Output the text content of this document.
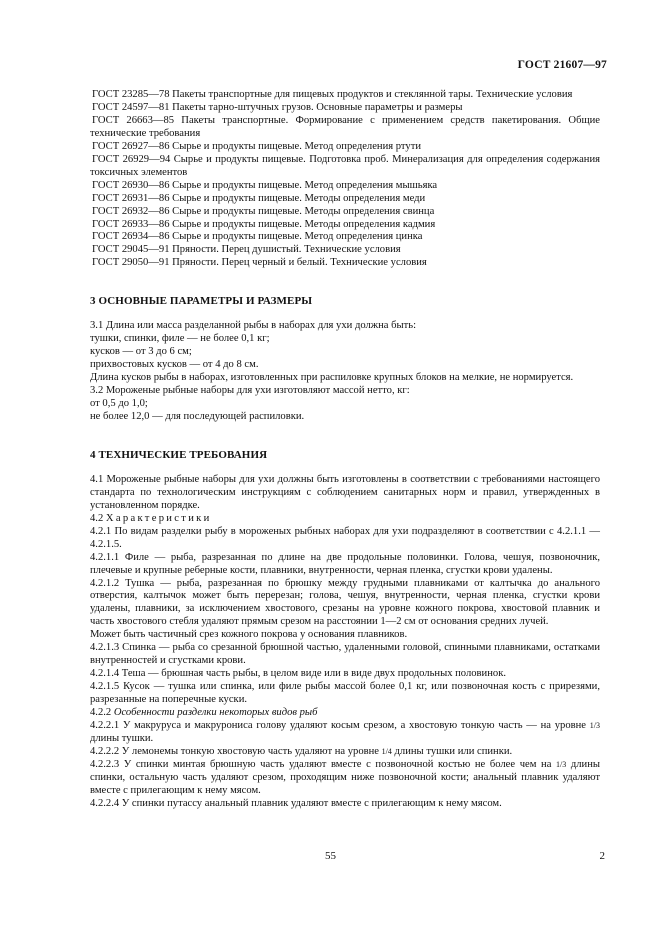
ГОСТ 21607—97

ГОСТ 23285—78 Пакеты транспортные для пищевых продуктов и стеклянной тары. Технические условия

ГОСТ 24597—81 Пакеты тарно-штучных грузов. Основные параметры и размеры

ГОСТ 26663—85 Пакеты транспортные. Формирование с применением средств пакетирования. Общие технические требования

ГОСТ 26927—86 Сырье и продукты пищевые. Метод определения ртути

ГОСТ 26929—94 Сырье и продукты пищевые. Подготовка проб. Минерализация для определения содержания токсичных элементов

ГОСТ 26930—86 Сырье и продукты пищевые. Метод определения мышьяка

ГОСТ 26931—86 Сырье и продукты пищевые. Методы определения меди

ГОСТ 26932—86 Сырье и продукты пищевые. Методы определения свинца

ГОСТ 26933—86 Сырье и продукты пищевые. Методы определения кадмия

ГОСТ 26934—86 Сырье и продукты пищевые. Метод определения цинка

ГОСТ 29045—91 Пряности. Перец душистый. Технические условия

ГОСТ 29050—91 Пряности. Перец черный и белый. Технические условия

3 ОСНОВНЫЕ ПАРАМЕТРЫ И РАЗМЕРЫ

3.1 Длина или масса разделанной рыбы в наборах для ухи должна быть:

тушки, спинки, филе — не более 0,1 кг;

кусков — от 3 до 6 см;

прихвостовых кусков — от 4 до 8 см.

Длина кусков рыбы в наборах, изготовленных при распиловке крупных блоков на мелкие, не нормируется.

3.2 Мороженые рыбные наборы для ухи изготовляют массой нетто, кг:

от 0,5 до 1,0;

не более 12,0 — для последующей распиловки.

4 ТЕХНИЧЕСКИЕ ТРЕБОВАНИЯ

4.1 Мороженые рыбные наборы для ухи должны быть изготовлены в соответствии с требованиями настоящего стандарта по технологическим инструкциям с соблюдением санитарных норм и правил, утвержденных в установленном порядке.

4.2 Характеристики

4.2.1 По видам разделки рыбу в мороженых рыбных наборах для ухи подразделяют в соответствии с 4.2.1.1 — 4.2.1.5.

4.2.1.1 Филе — рыба, разрезанная по длине на две продольные половинки. Голова, чешуя, позвоночник, плечевые и крупные реберные кости, плавники, внутренности, черная пленка, сгустки крови удалены.

4.2.1.2 Тушка — рыба, разрезанная по брюшку между грудными плавниками от калтычка до анального отверстия, калтычок может быть перерезан; голова, чешуя, внутренности, черная пленка, сгустки крови удалены, плавники, за исключением хвостового, срезаны на уровне кожного покрова, хвостовой плавник и часть хвостового стебля удаляют прямым срезом на расстоянии 1—2 см от основания средних лучей.

Может быть частичный срез кожного покрова у основания плавников.

4.2.1.3 Спинка — рыба со срезанной брюшной частью, удаленными головой, спинными плавниками, остатками внутренностей и сгустками крови.

4.2.1.4 Теша — брюшная часть рыбы, в целом виде или в виде двух продольных половинок.

4.2.1.5 Кусок — тушка или спинка, или филе рыбы массой более 0,1 кг, или позвоночная кость с прирезями, разрезанные на поперечные куски.

4.2.2 Особенности разделки некоторых видов рыб

4.2.2.1 У макруруса и макрурониса голову удаляют косым срезом, а хвостовую тонкую часть — на уровне 1/3 длины тушки.

4.2.2.2 У лемонемы тонкую хвостовую часть удаляют на уровне 1/4 длины тушки или спинки.

4.2.2.3 У спинки минтая брюшную часть удаляют вместе с позвоночной костью не более чем на 1/3 длины спинки, остальную часть удаляют срезом, проходящим ниже позвоночной кости; анальный плавник удаляют вместе с прилегающим к нему мясом.

4.2.2.4 У спинки путассу анальный плавник удаляют вместе с прилегающим к нему мясом.

55	2
